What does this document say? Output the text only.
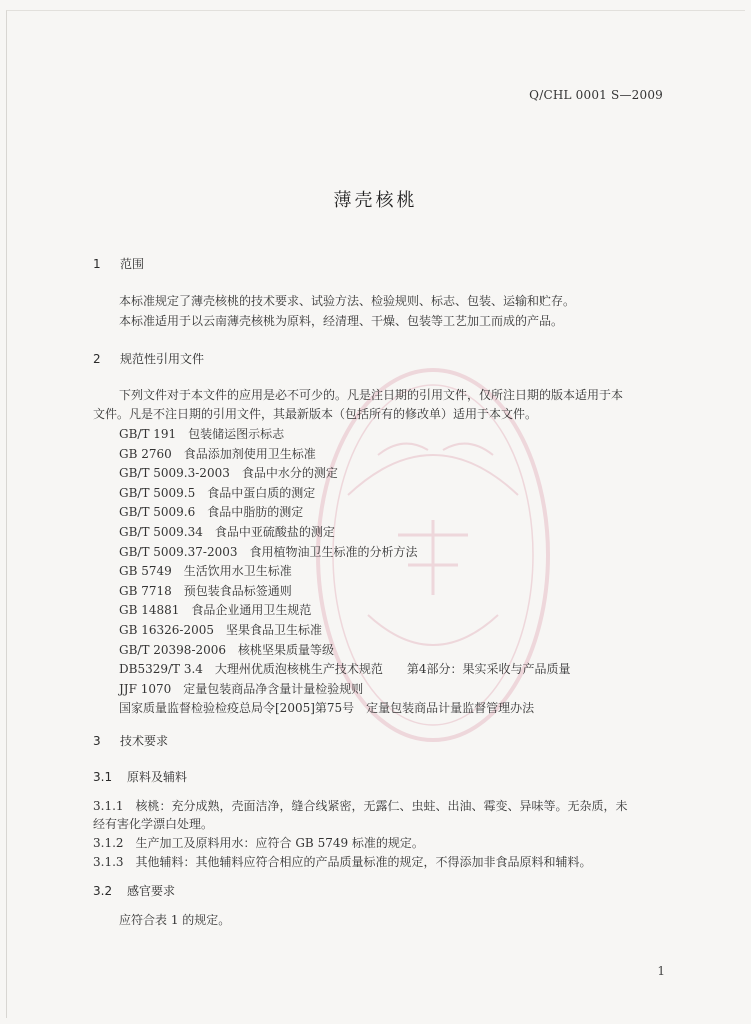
Q/CHL 0001 S—2009
薄壳核桃
1 范围
本标准规定了薄壳核桃的技术要求、试验方法、检验规则、标志、包装、运输和贮存。
本标准适用于以云南薄壳核桃为原料，经清理、干燥、包装等工艺加工而成的产品。
2 规范性引用文件
下列文件对于本文件的应用是必不可少的。凡是注日期的引用文件，仅所注日期的版本适用于本
文件。凡是不注日期的引用文件，其最新版本（包括所有的修改单）适用于本文件。
GB/T 191　包装储运图示标志
GB 2760　食品添加剂使用卫生标准
GB/T 5009.3-2003　食品中水分的测定
GB/T 5009.5　食品中蛋白质的测定
GB/T 5009.6　食品中脂肪的测定
GB/T 5009.34　食品中亚硫酸盐的测定
GB/T 5009.37-2003　食用植物油卫生标准的分析方法
GB 5749　生活饮用水卫生标准
GB 7718　预包装食品标签通则
GB 14881　食品企业通用卫生规范
GB 16326-2005　坚果食品卫生标准
GB/T 20398-2006　核桃坚果质量等级
DB5329/T 3.4　大理州优质泡核桃生产技术规范　　第4部分：果实采收与产品质量
JJF 1070　定量包装商品净含量计量检验规则
国家质量监督检验检疫总局令[2005]第75号　定量包装商品计量监督管理办法
3 技术要求
3.1 原料及辅料
3.1.1　核桃：充分成熟，壳面洁净，缝合线紧密，无露仁、虫蛀、出油、霉变、异味等。无杂质，未
经有害化学漂白处理。
3.1.2　生产加工及原料用水：应符合 GB 5749 标准的规定。
3.1.3　其他辅料：其他辅料应符合相应的产品质量标准的规定，不得添加非食品原料和辅料。
3.2 感官要求
应符合表 1 的规定。
1
